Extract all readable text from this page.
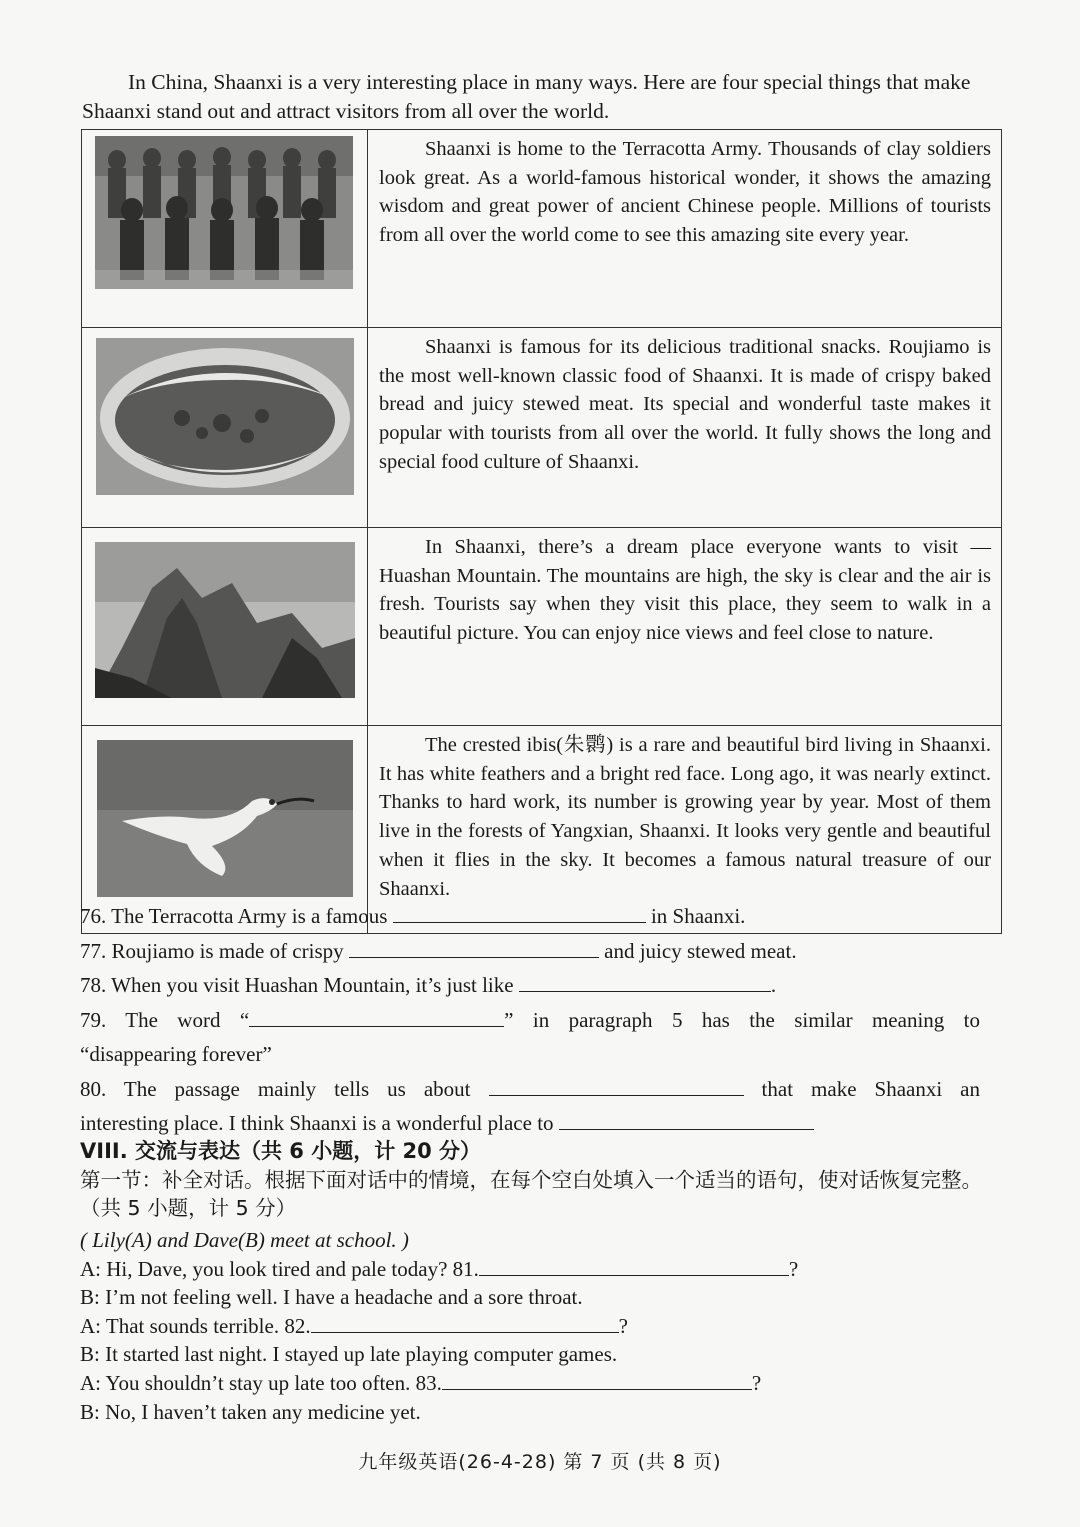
In China, Shaanxi is a very interesting place in many ways. Here are four special things that make Shaanxi stand out and attract visitors from all over the world.

Shaanxi is home to the Terracotta Army. Thousands of clay soldiers look great. As a world-famous historical wonder, it shows the amazing wisdom and great power of ancient Chinese people. Millions of tourists from all over the world come to see this amazing site every year.

Shaanxi is famous for its delicious traditional snacks. Roujiamo is the most well-known classic food of Shaanxi. It is made of crispy baked bread and juicy stewed meat. Its special and wonderful taste makes it popular with tourists from all over the world. It fully shows the long and special food culture of Shaanxi.

In Shaanxi, there’s a dream place everyone wants to visit — Huashan Mountain. The mountains are high, the sky is clear and the air is fresh. Tourists say when they visit this place, they seem to walk in a beautiful picture. You can enjoy nice views and feel close to nature.

The crested ibis(朱鹮) is a rare and beautiful bird living in Shaanxi. It has white feathers and a bright red face. Long ago, it was nearly extinct. Thanks to hard work, its number is growing year by year. Most of them live in the forests of Yangxian, Shaanxi. It looks very gentle and beautiful when it flies in the sky. It becomes a famous natural treasure of our Shaanxi.

76. The Terracotta Army is a famous	in Shaanxi.

77. Roujiamo is made of crispy	and juicy stewed meat.

78. When you visit Huashan Mountain, it’s just like	.

79. The word “	” in paragraph 5 has the similar meaning to

“disappearing forever”

80. The passage mainly tells us about	that make Shaanxi an

interesting place. I think Shaanxi is a wonderful place to

VIII. 交流与表达（共 6 小题，计 20 分）

第一节：补全对话。根据下面对话中的情境，在每个空白处填入一个适当的语句，使对话恢复完整。（共 5 小题，计 5 分）

( Lily(A) and Dave(B) meet at school. )

A: Hi, Dave, you look tired and pale today? 81.	?

B: I’m not feeling well. I have a headache and a sore throat.

A: That sounds terrible. 82.	?

B: It started last night. I stayed up late playing computer games.

A: You shouldn’t stay up late too often. 83.	?

B: No, I haven’t taken any medicine yet.

九年级英语(26-4-28) 第 7 页 (共 8 页)
